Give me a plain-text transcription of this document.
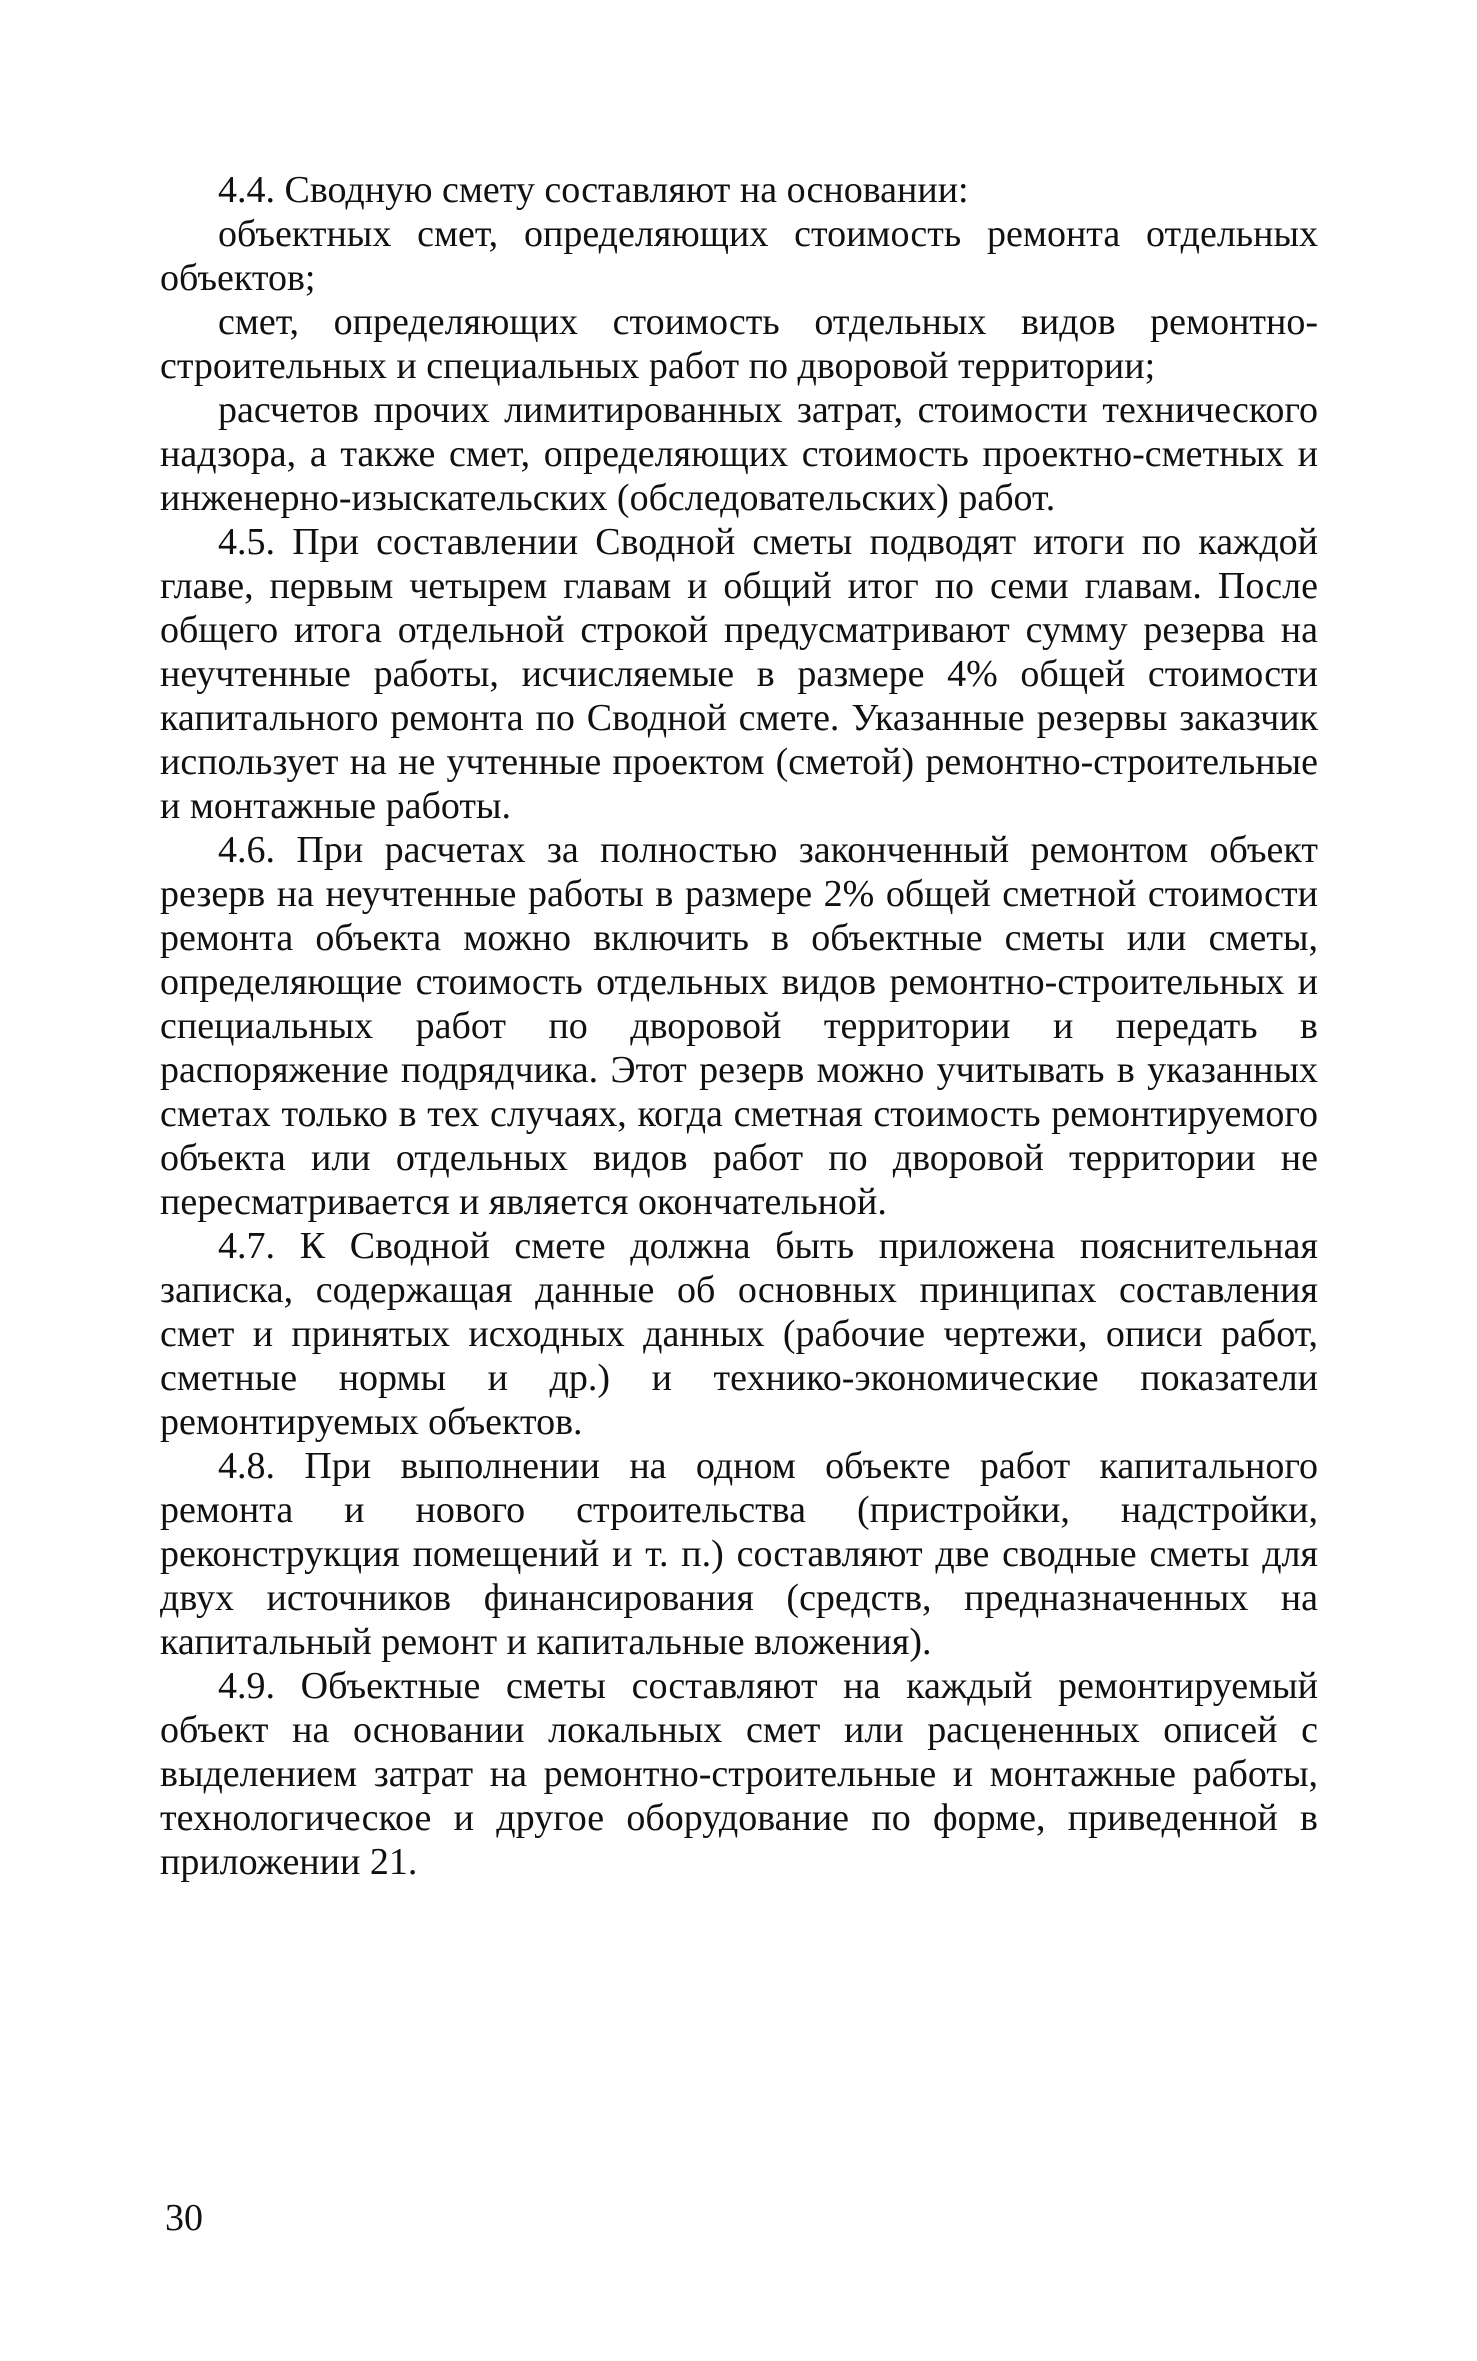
4.4. Сводную смету составляют на основании:

объектных смет, определяющих стоимость ремонта отдельных объектов;

смет, определяющих стоимость отдельных видов ремонтно-строительных и специальных работ по дворовой территории;

расчетов прочих лимитированных затрат, стоимости технического надзора, а также смет, определяющих стоимость проектно-сметных и инженерно-изыскательских (обследовательских) работ.

4.5. При составлении Сводной сметы подводят итоги по каждой главе, первым четырем главам и общий итог по семи главам. После общего итога отдельной строкой предусматривают сумму резерва на неучтенные работы, исчисляемые в размере 4% общей стоимости капитального ремонта по Сводной смете. Указанные резервы заказчик использует на не учтенные проектом (сметой) ремонтно-строительные и монтажные работы.

4.6. При расчетах за полностью законченный ремонтом объект резерв на неучтенные работы в размере 2% общей сметной стоимости ремонта объекта можно включить в объектные сметы или сметы, определяющие стоимость отдельных видов ремонтно-строительных и специальных работ по дворовой территории и передать в распоряжение подрядчика. Этот резерв можно учитывать в указанных сметах только в тех случаях, когда сметная стоимость ремонтируемого объекта или отдельных видов работ по дворовой территории не пересматривается и является окончательной.

4.7. К Сводной смете должна быть приложена пояснительная записка, содержащая данные об основных принципах составления смет и принятых исходных данных (рабочие чертежи, описи работ, сметные нормы и др.) и технико-экономические показатели ремонтируемых объектов.

4.8. При выполнении на одном объекте работ капитального ремонта и нового строительства (пристройки, надстройки, реконструкция помещений и т. п.) составляют две сводные сметы для двух источников финансирования (средств, предназначенных на капитальный ремонт и капитальные вложения).

4.9. Объектные сметы составляют на каждый ремонтируемый объект на основании локальных смет или расцененных описей с выделением затрат на ремонтно-строительные и монтажные работы, технологическое и другое оборудование по форме, приведенной в приложении 21.

30
